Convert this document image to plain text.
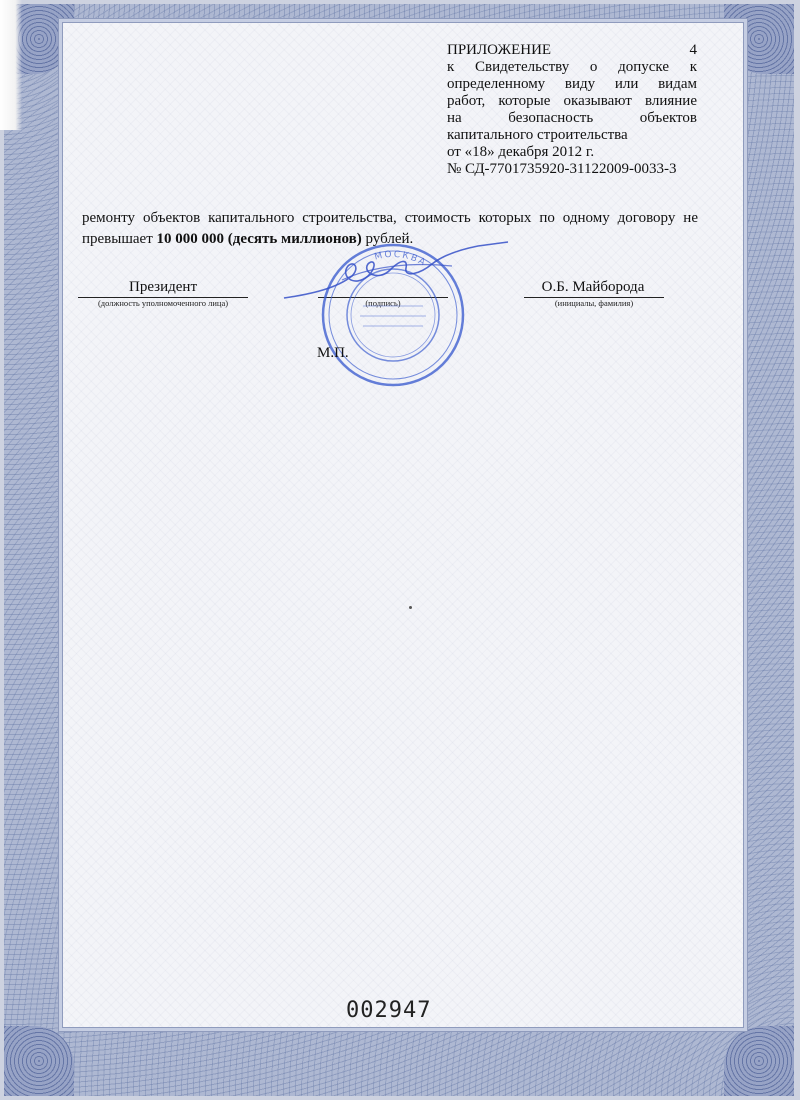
ПРИЛОЖЕНИЕ	4
к Свидетельству о допуске к
определенному виду или видам
работ, которые оказывают влияние
на безопасность объектов
капитального строительства
от «18» декабря 2012 г.
№ СД-7701735920-31122009-0033-3
ремонту объектов капитального строительства, стоимость которых по одному договору не
превышает 10 000 000 (десять миллионов) рублей.
Президент
(должность уполномоченного лица)	(подпись)
О.Б. Майборода
(инициалы, фамилия)
МОСКВА
М.П.
002947
